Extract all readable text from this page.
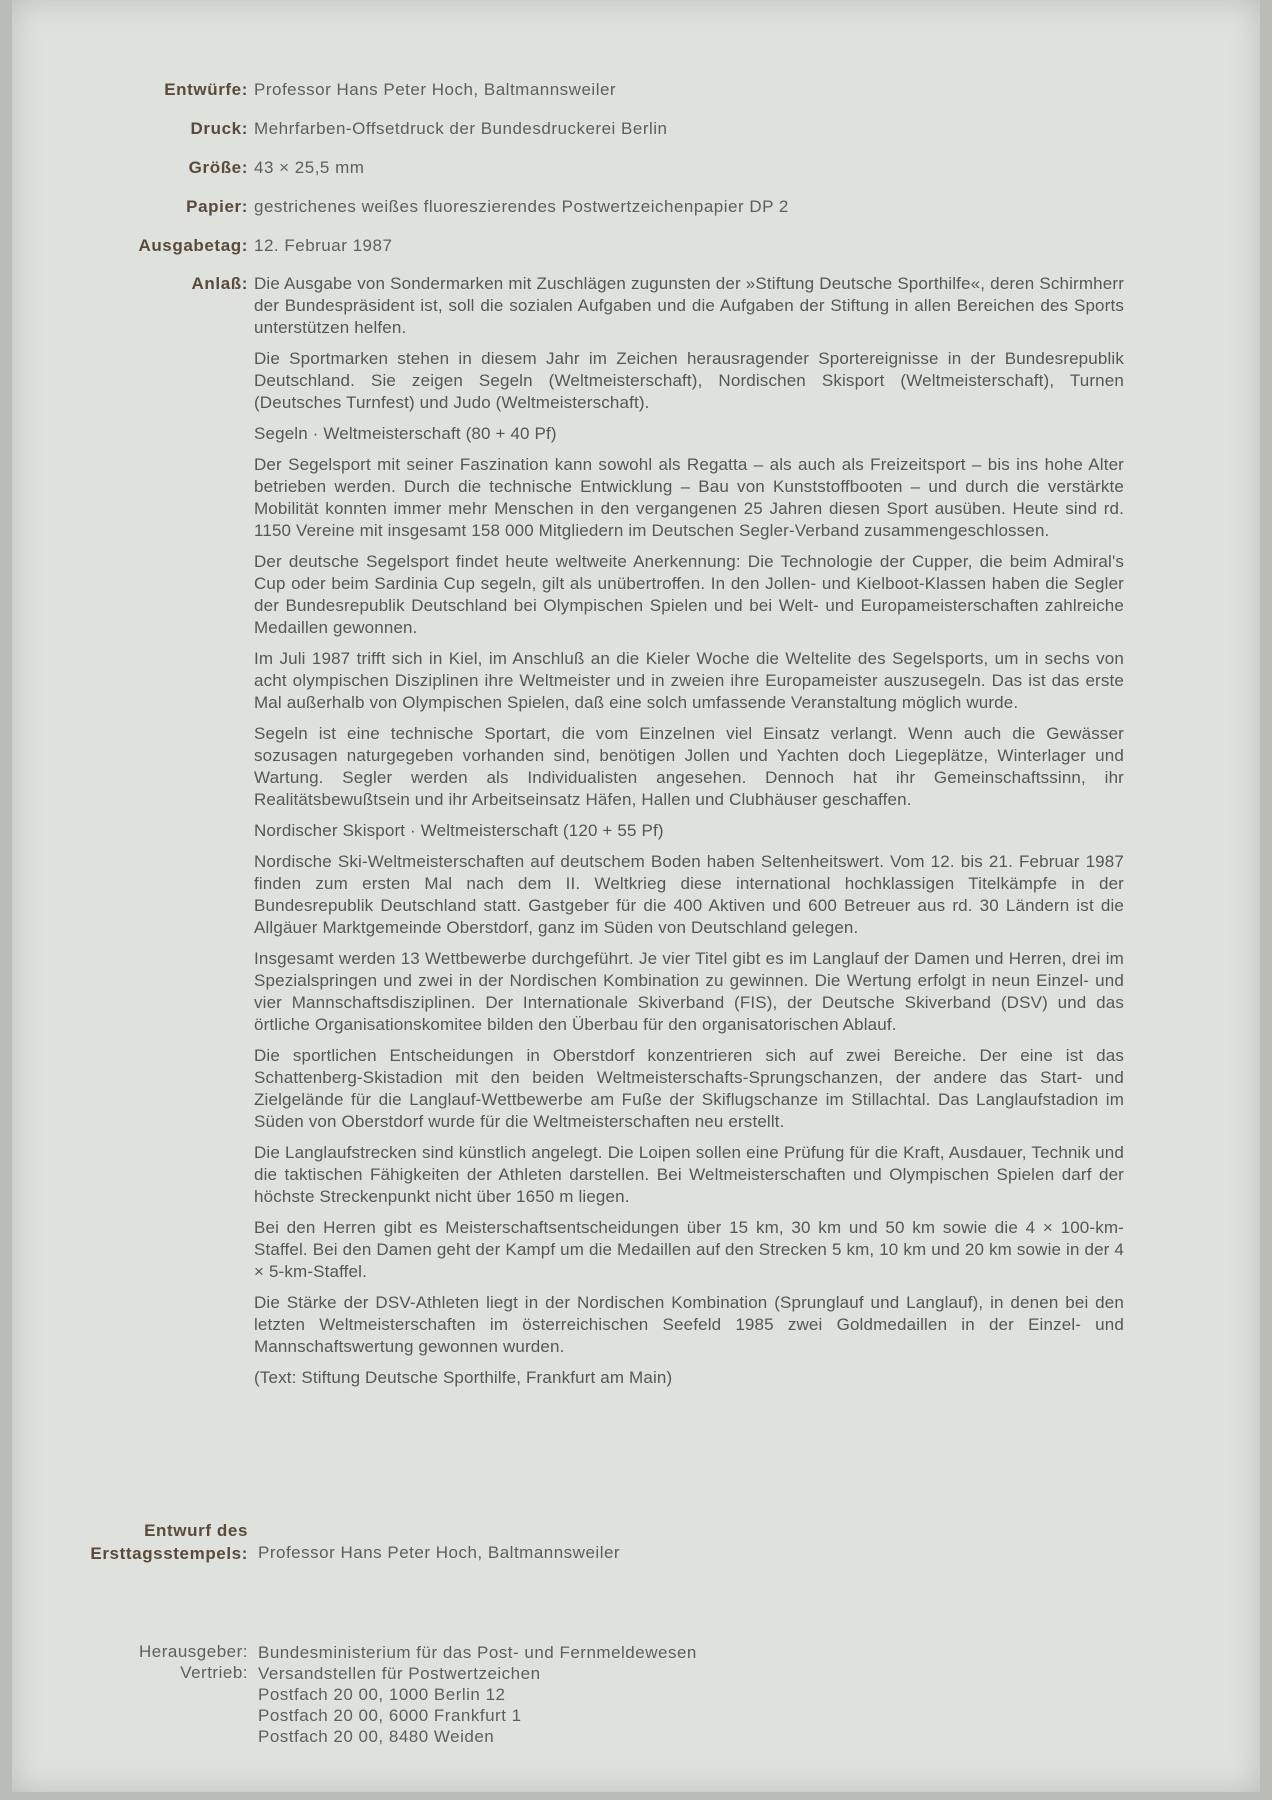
Entwürfe: Professor Hans Peter Hoch, Baltmannsweiler
Druck: Mehrfarben-Offsetdruck der Bundesdruckerei Berlin
Größe: 43 × 25,5 mm
Papier: gestrichenes weißes fluoreszierendes Postwertzeichenpapier DP 2
Ausgabetag: 12. Februar 1987
Anlaß: Die Ausgabe von Sondermarken mit Zuschlägen zugunsten der »Stiftung Deutsche Sporthilfe«, deren Schirmherr der Bundespräsident ist, soll die sozialen Aufgaben und die Aufgaben der Stiftung in allen Bereichen des Sports unterstützen helfen.

Die Sportmarken stehen in diesem Jahr im Zeichen herausragender Sportereignisse in der Bundesrepublik Deutschland. Sie zeigen Segeln (Weltmeisterschaft), Nordischen Skisport (Weltmeisterschaft), Turnen (Deutsches Turnfest) und Judo (Weltmeisterschaft).

Segeln · Weltmeisterschaft (80 + 40 Pf)

Der Segelsport mit seiner Faszination kann sowohl als Regatta – als auch als Freizeitsport – bis ins hohe Alter betrieben werden. Durch die technische Entwicklung – Bau von Kunststoffbooten – und durch die verstärkte Mobilität konnten immer mehr Menschen in den vergangenen 25 Jahren diesen Sport ausüben. Heute sind rd. 1150 Vereine mit insgesamt 158 000 Mitgliedern im Deutschen Segler-Verband zusammengeschlossen.

Der deutsche Segelsport findet heute weltweite Anerkennung: Die Technologie der Cupper, die beim Admiral's Cup oder beim Sardinia Cup segeln, gilt als unübertroffen. In den Jollen- und Kielboot-Klassen haben die Segler der Bundesrepublik Deutschland bei Olympischen Spielen und bei Welt- und Europameisterschaften zahlreiche Medaillen gewonnen.

Im Juli 1987 trifft sich in Kiel, im Anschluß an die Kieler Woche die Weltelite des Segelsports, um in sechs von acht olympischen Disziplinen ihre Weltmeister und in zweien ihre Europameister auszusegeln. Das ist das erste Mal außerhalb von Olympischen Spielen, daß eine solch umfassende Veranstaltung möglich wurde.

Segeln ist eine technische Sportart, die vom Einzelnen viel Einsatz verlangt. Wenn auch die Gewässer sozusagen naturgegeben vorhanden sind, benötigen Jollen und Yachten doch Liegeplätze, Winterlager und Wartung. Segler werden als Individualisten angesehen. Dennoch hat ihr Gemeinschaftssinn, ihr Realitätsbewußtsein und ihr Arbeitseinsatz Häfen, Hallen und Clubhäuser geschaffen.

Nordischer Skisport · Weltmeisterschaft (120 + 55 Pf)

Nordische Ski-Weltmeisterschaften auf deutschem Boden haben Seltenheitswert. Vom 12. bis 21. Februar 1987 finden zum ersten Mal nach dem II. Weltkrieg diese international hochklassigen Titelkämpfe in der Bundesrepublik Deutschland statt. Gastgeber für die 400 Aktiven und 600 Betreuer aus rd. 30 Ländern ist die Allgäuer Marktgemeinde Oberstdorf, ganz im Süden von Deutschland gelegen.

Insgesamt werden 13 Wettbewerbe durchgeführt. Je vier Titel gibt es im Langlauf der Damen und Herren, drei im Spezialspringen und zwei in der Nordischen Kombination zu gewinnen. Die Wertung erfolgt in neun Einzel- und vier Mannschaftsdisziplinen. Der Internationale Skiverband (FIS), der Deutsche Skiverband (DSV) und das örtliche Organisationskomitee bilden den Überbau für den organisatorischen Ablauf.

Die sportlichen Entscheidungen in Oberstdorf konzentrieren sich auf zwei Bereiche. Der eine ist das Schattenberg-Skistadion mit den beiden Weltmeisterschafts-Sprungschanzen, der andere das Start- und Zielgelände für die Langlauf-Wettbewerbe am Fuße der Skiflugschanze im Stillachtal. Das Langlaufstadion im Süden von Oberstdorf wurde für die Weltmeisterschaften neu erstellt.

Die Langlaufstrecken sind künstlich angelegt. Die Loipen sollen eine Prüfung für die Kraft, Ausdauer, Technik und die taktischen Fähigkeiten der Athleten darstellen. Bei Weltmeisterschaften und Olympischen Spielen darf der höchste Streckenpunkt nicht über 1650 m liegen.

Bei den Herren gibt es Meisterschaftsentscheidungen über 15 km, 30 km und 50 km sowie die 4 × 100-km-Staffel. Bei den Damen geht der Kampf um die Medaillen auf den Strecken 5 km, 10 km und 20 km sowie in der 4 × 5-km-Staffel.

Die Stärke der DSV-Athleten liegt in der Nordischen Kombination (Sprunglauf und Langlauf), in denen bei den letzten Weltmeisterschaften im österreichischen Seefeld 1985 zwei Goldmedaillen in der Einzel- und Mannschaftswertung gewonnen wurden.

(Text: Stiftung Deutsche Sporthilfe, Frankfurt am Main)

Entwurf des
Ersttagsstempels: Professor Hans Peter Hoch, Baltmannsweiler
Herausgeber:
Vertrieb:
Bundesministerium für das Post- und Fernmeldewesen
Versandstellen für Postwertzeichen
Postfach 20 00, 1000 Berlin 12
Postfach 20 00, 6000 Frankfurt 1
Postfach 20 00, 8480 Weiden
